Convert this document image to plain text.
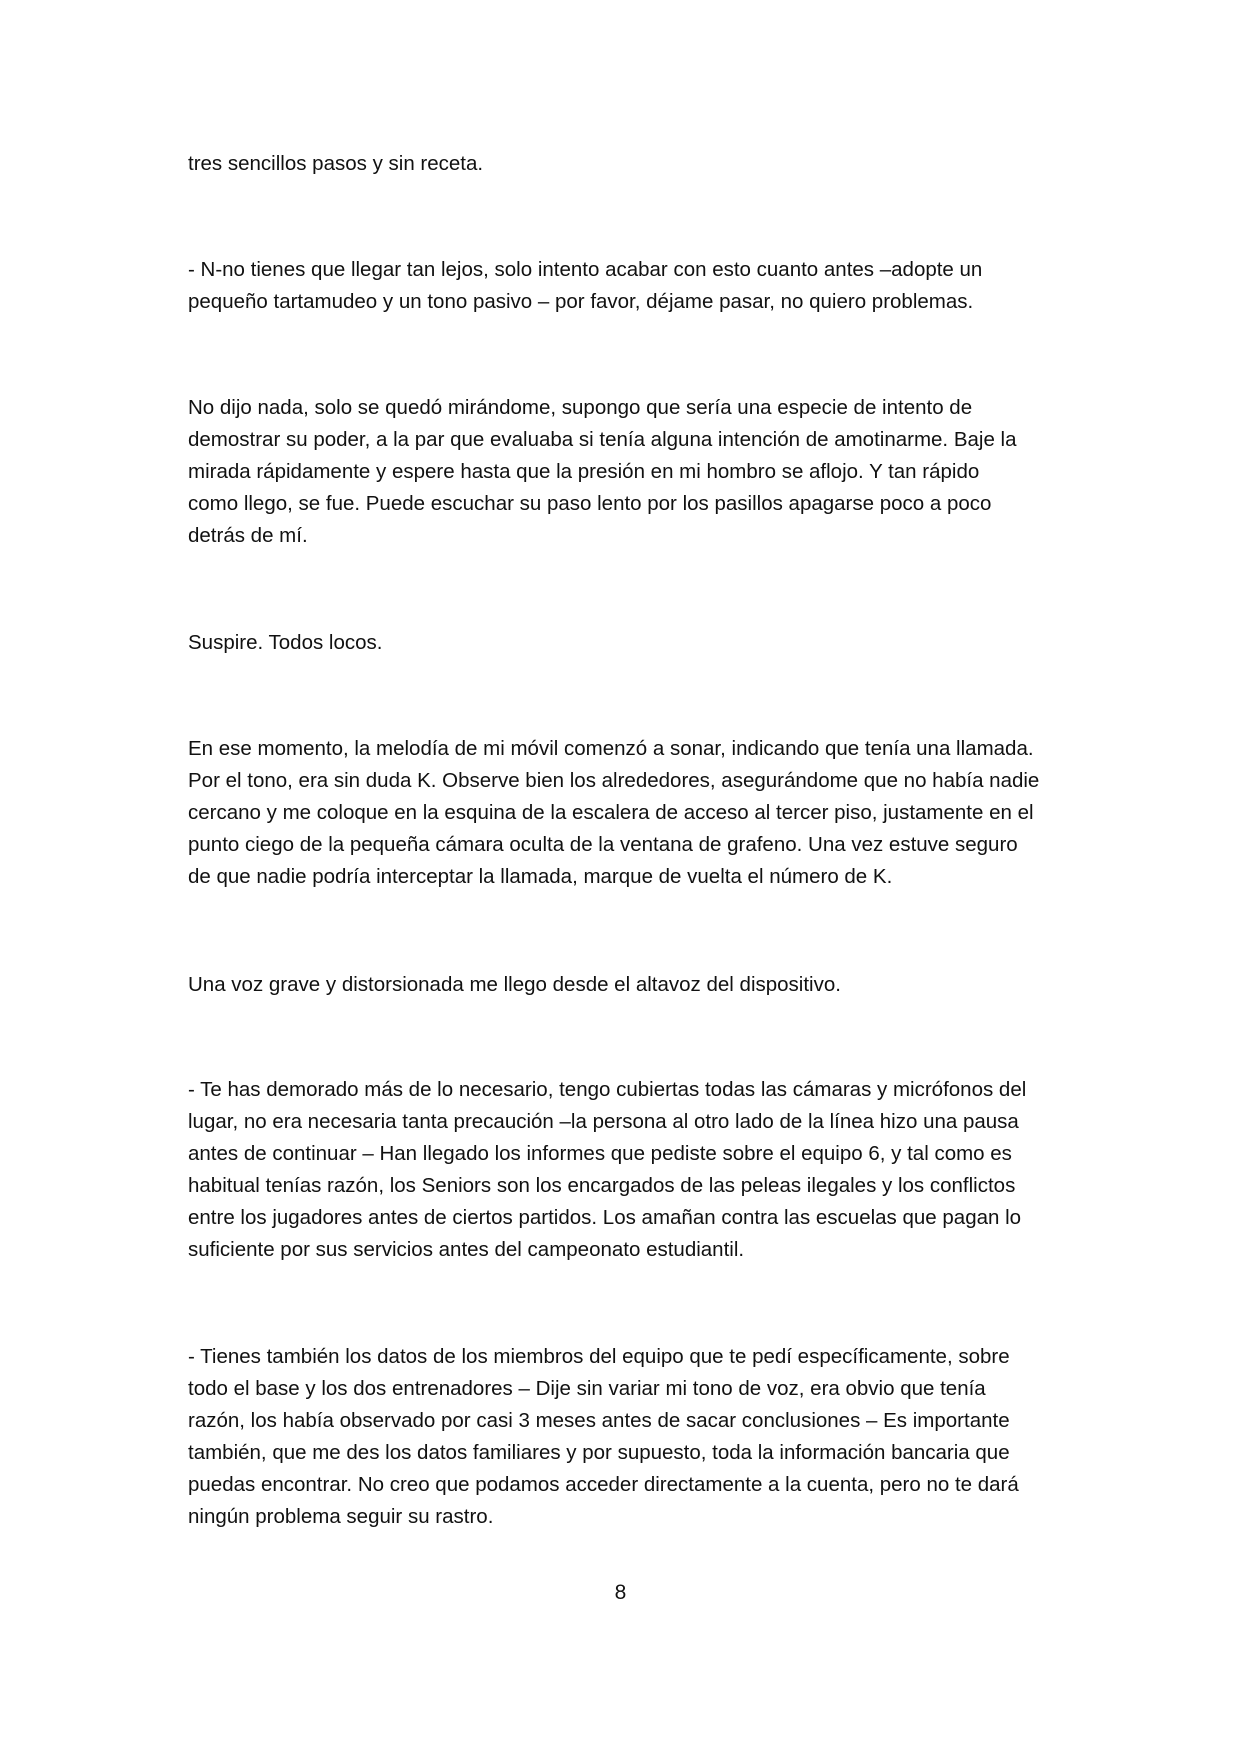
tres sencillos pasos y sin receta.

- N-no tienes que llegar tan lejos, solo intento acabar con esto cuanto antes –adopte un
pequeño tartamudeo y un tono pasivo – por favor, déjame pasar, no quiero problemas.

No dijo nada, solo se quedó mirándome, supongo que sería una especie de intento de
demostrar su poder, a la par que evaluaba si tenía alguna intención de amotinarme. Baje la
mirada rápidamente y espere hasta que la presión en mi hombro se aflojo. Y tan rápido
como llego, se fue. Puede escuchar su paso lento por los pasillos apagarse poco a poco
detrás de mí.

Suspire. Todos locos.

En ese momento, la melodía de mi móvil comenzó a sonar, indicando que tenía una llamada.
Por el tono, era sin duda K. Observe bien los alrededores, asegurándome que no había nadie
cercano y me coloque en la esquina de la escalera de acceso al tercer piso, justamente en el
punto ciego de la pequeña cámara oculta de la ventana de grafeno. Una vez estuve seguro
de que nadie podría interceptar la llamada, marque de vuelta el número de K.

Una voz grave y distorsionada me llego desde el altavoz del dispositivo.

- Te has demorado más de lo necesario, tengo cubiertas todas las cámaras y micrófonos del
lugar, no era necesaria tanta precaución –la persona al otro lado de la línea hizo una pausa
antes de continuar – Han llegado los informes que pediste sobre el equipo 6, y tal como es
habitual tenías razón, los Seniors son los encargados de las peleas ilegales y los conflictos
entre los jugadores antes de ciertos partidos. Los amañan contra las escuelas que pagan lo
suficiente por sus servicios antes del campeonato estudiantil.

- Tienes también los datos de los miembros del equipo que te pedí específicamente, sobre
todo el base y los dos entrenadores – Dije sin variar mi tono de voz, era obvio que tenía
razón, los había observado por casi 3 meses antes de sacar conclusiones – Es importante
también, que me des los datos familiares y por supuesto, toda la información bancaria que
puedas encontrar. No creo que podamos acceder directamente a la cuenta, pero no te dará
ningún problema seguir su rastro.

8
